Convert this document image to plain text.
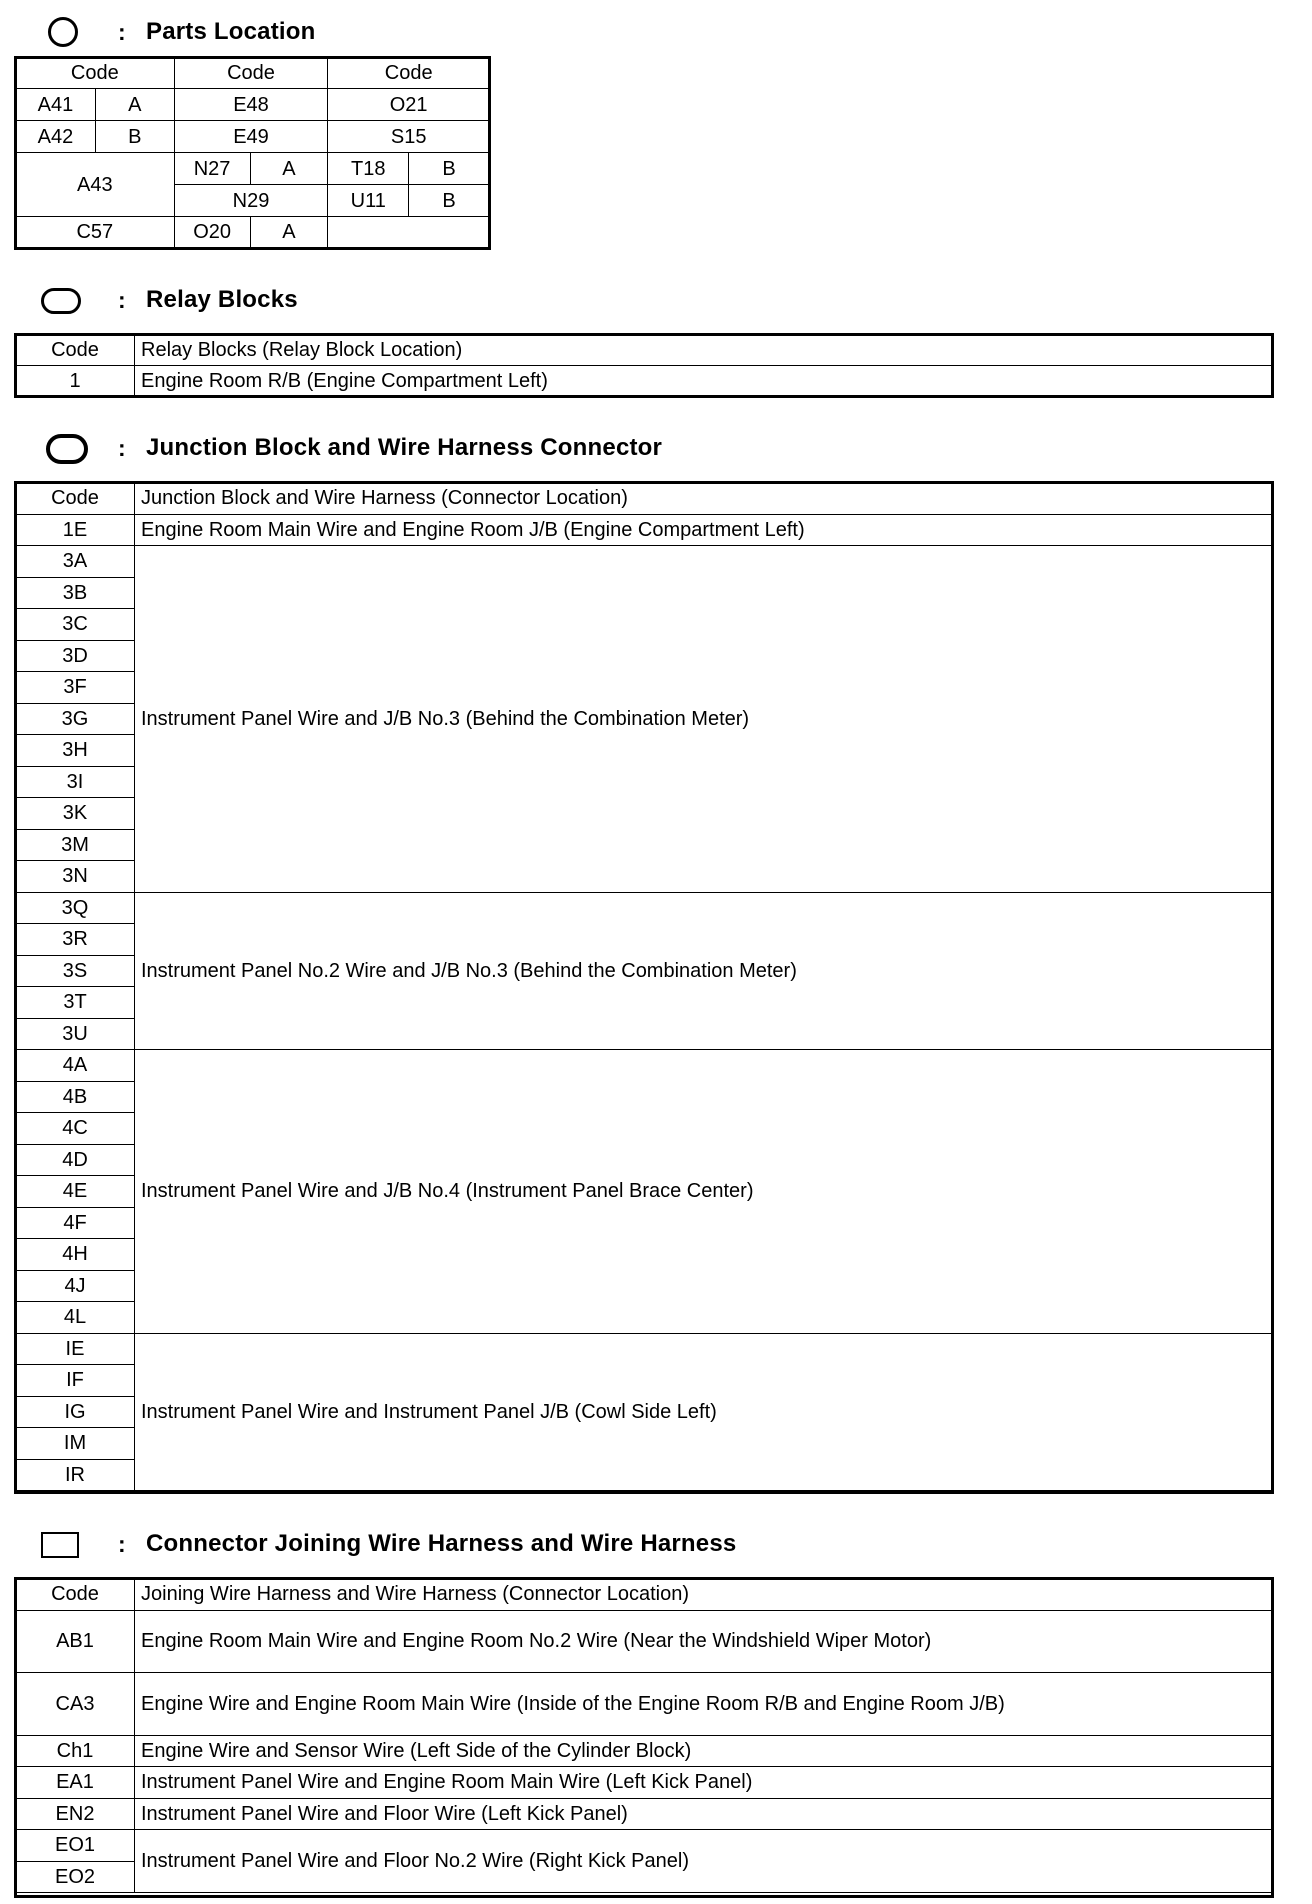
: Parts Location
Code		Code		Code	
A41	A	E48		O21	
A42	B	E49		S15	
A43		N27	A	T18	B
		N29		U11	B
C57		O20	A		
: Relay Blocks
Code	Relay Blocks (Relay Block Location)
1	Engine Room R/B (Engine Compartment Left)
: Junction Block and Wire Harness Connector
Code	Junction Block and Wire Harness (Connector Location)
1E	Engine Room Main Wire and Engine Room J/B (Engine Compartment Left)
3A	Instrument Panel Wire and J/B No.3 (Behind the Combination Meter)
3B	
3C	
3D	
3F	
3G	
3H	
3I	
3K	
3M	
3N	
3Q	Instrument Panel No.2 Wire and J/B No.3 (Behind the Combination Meter)
3R	
3S	
3T	
3U	
4A	Instrument Panel Wire and J/B No.4 (Instrument Panel Brace Center)
4B	
4C	
4D	
4E	
4F	
4H	
4J	
4L	
IE	Instrument Panel Wire and Instrument Panel J/B (Cowl Side Left)
IF	
IG	
IM	
IR	
: Connector Joining Wire Harness and Wire Harness
Code	Joining Wire Harness and Wire Harness (Connector Location)
AB1	Engine Room Main Wire and Engine Room No.2 Wire (Near the Windshield Wiper Motor)
CA3	Engine Wire and Engine Room Main Wire (Inside of the Engine Room R/B and Engine Room J/B)
Ch1	Engine Wire and Sensor Wire (Left Side of the Cylinder Block)
EA1	Instrument Panel Wire and Engine Room Main Wire (Left Kick Panel)
EN2	Instrument Panel Wire and Floor Wire (Left Kick Panel)
EO1	Instrument Panel Wire and Floor No.2 Wire (Right Kick Panel)
EO2	
